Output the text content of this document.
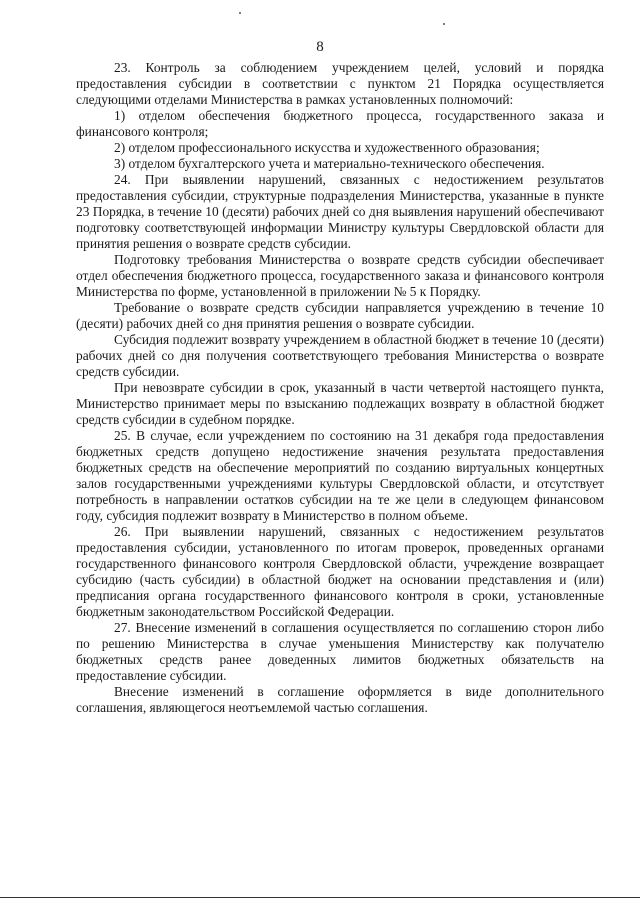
8

23. Контроль за соблюдением учреждением целей, условий и порядка предоставления субсидии в соответствии с пунктом 21 Порядка осуществляется следующими отделами Министерства в рамках установленных полномочий:

1) отделом обеспечения бюджетного процесса, государственного заказа и финансового контроля;

2) отделом профессионального искусства и художественного образования;

3) отделом бухгалтерского учета и материально-технического обеспечения.

24. При выявлении нарушений, связанных с недостижением результатов предоставления субсидии, структурные подразделения Министерства, указанные в пункте 23 Порядка, в течение 10 (десяти) рабочих дней со дня выявления нарушений обеспечивают подготовку соответствующей информации Министру культуры Свердловской области для принятия решения о возврате средств субсидии.

Подготовку требования Министерства о возврате средств субсидии обеспечивает отдел обеспечения бюджетного процесса, государственного заказа и финансового контроля Министерства по форме, установленной в приложении № 5 к Порядку.

Требование о возврате средств субсидии направляется учреждению в течение 10 (десяти) рабочих дней со дня принятия решения о возврате субсидии.

Субсидия подлежит возврату учреждением в областной бюджет в течение 10 (десяти) рабочих дней со дня получения соответствующего требования Министерства о возврате средств субсидии.

При невозврате субсидии в срок, указанный в части четвертой настоящего пункта, Министерство принимает меры по взысканию подлежащих возврату в областной бюджет средств субсидии в судебном порядке.

25. В случае, если учреждением по состоянию на 31 декабря года предоставления бюджетных средств допущено недостижение значения результата предоставления бюджетных средств на обеспечение мероприятий по созданию виртуальных концертных залов государственными учреждениями культуры Свердловской области, и отсутствует потребность в направлении остатков субсидии на те же цели в следующем финансовом году, субсидия подлежит возврату в Министерство в полном объеме.

26. При выявлении нарушений, связанных с недостижением результатов предоставления субсидии, установленного по итогам проверок, проведенных органами государственного финансового контроля Свердловской области, учреждение возвращает субсидию (часть субсидии) в областной бюджет на основании представления и (или) предписания органа государственного финансового контроля в сроки, установленные бюджетным законодательством Российской Федерации.

27. Внесение изменений в соглашения осуществляется по соглашению сторон либо по решению Министерства в случае уменьшения Министерству как получателю бюджетных средств ранее доведенных лимитов бюджетных обязательств на предоставление субсидии.

Внесение изменений в соглашение оформляется в виде дополнительного соглашения, являющегося неотъемлемой частью соглашения.
